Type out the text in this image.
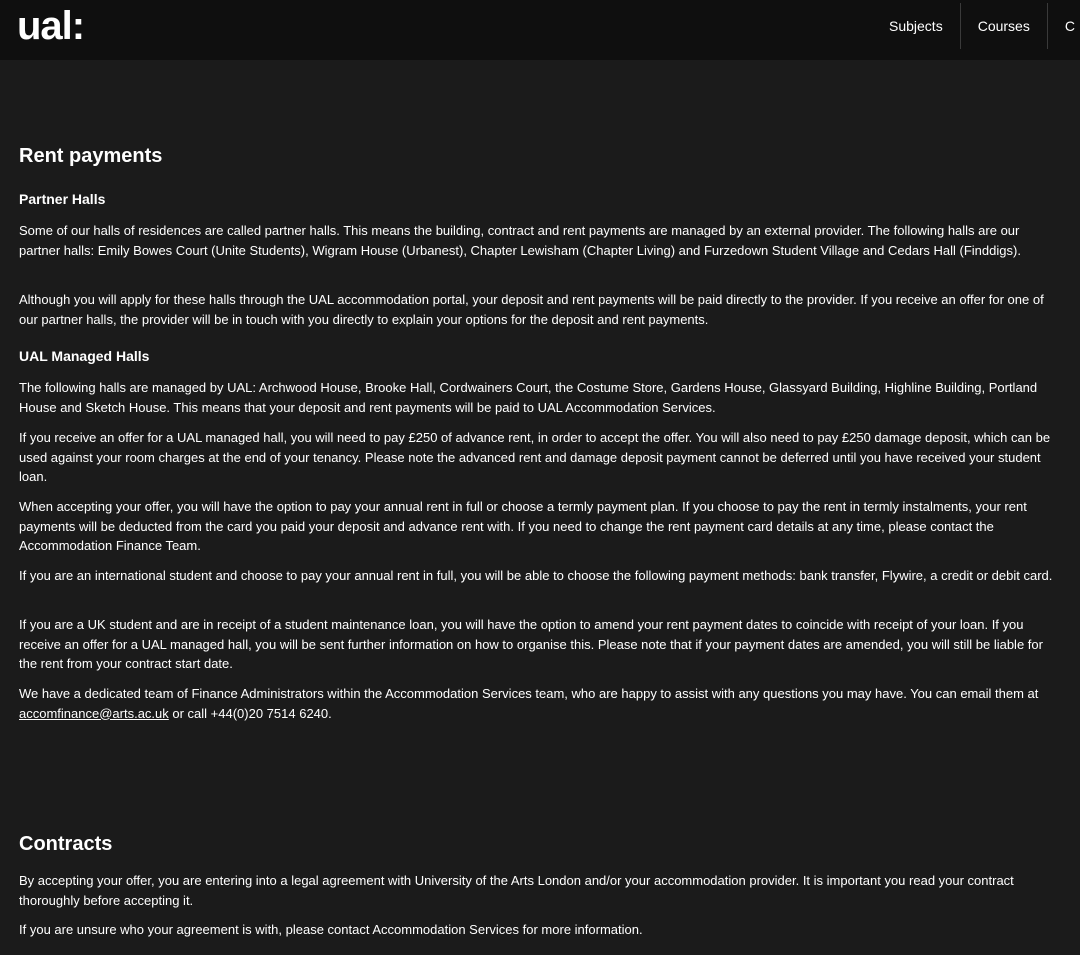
ual:	Subjects	Courses	C
Rent payments
Partner Halls

Some of our halls of residences are called partner halls. This means the building, contract and rent payments are managed by an external provider. The following halls are our partner halls: Emily Bowes Court (Unite Students), Wigram House (Urbanest), Chapter Lewisham (Chapter Living) and Furzedown Student Village and Cedars Hall (Finddigs).

Although you will apply for these halls through the UAL accommodation portal, your deposit and rent payments will be paid directly to the provider. If you receive an offer for one of our partner halls, the provider will be in touch with you directly to explain your options for the deposit and rent payments.

UAL Managed Halls

The following halls are managed by UAL: Archwood House, Brooke Hall, Cordwainers Court, the Costume Store, Gardens House, Glassyard Building, Highline Building, Portland House and Sketch House. This means that your deposit and rent payments will be paid to UAL Accommodation Services.

If you receive an offer for a UAL managed hall, you will need to pay £250 of advance rent, in order to accept the offer. You will also need to pay £250 damage deposit, which can be used against your room charges at the end of your tenancy. Please note the advanced rent and damage deposit payment cannot be deferred until you have received your student loan.

When accepting your offer, you will have the option to pay your annual rent in full or choose a termly payment plan. If you choose to pay the rent in termly instalments, your rent payments will be deducted from the card you paid your deposit and advance rent with. If you need to change the rent payment card details at any time, please contact the Accommodation Finance Team.

If you are an international student and choose to pay your annual rent in full, you will be able to choose the following payment methods: bank transfer, Flywire, a credit or debit card.

If you are a UK student and are in receipt of a student maintenance loan, you will have the option to amend your rent payment dates to coincide with receipt of your loan. If you receive an offer for a UAL managed hall, you will be sent further information on how to organise this. Please note that if your payment dates are amended, you will still be liable for the rent from your contract start date.

We have a dedicated team of Finance Administrators within the Accommodation Services team, who are happy to assist with any questions you may have. You can email them at accomfinance@arts.ac.uk or call +44(0)20 7514 6240.

Contracts

By accepting your offer, you are entering into a legal agreement with University of the Arts London and/or your accommodation provider. It is important you read your contract thoroughly before accepting it.

If you are unsure who your agreement is with, please contact Accommodation Services for more information.
